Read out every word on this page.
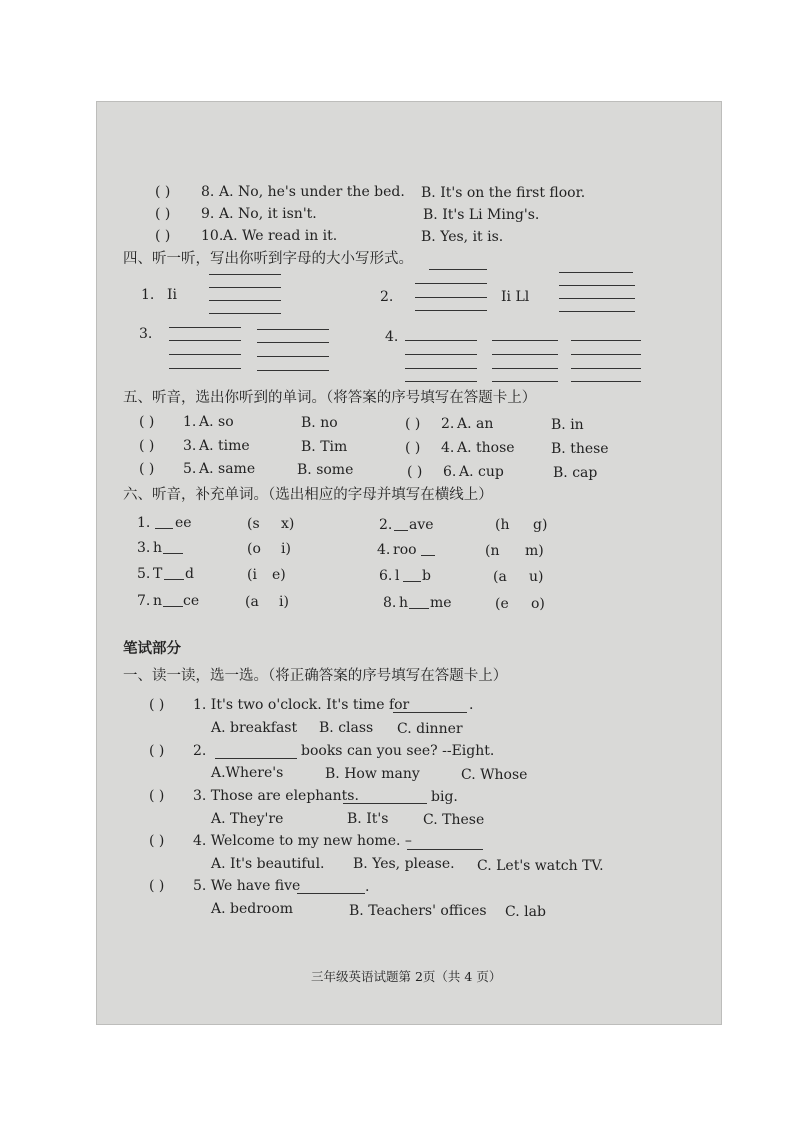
( ) 8. A. No, he's under the bed. B. It's on the first floor.
( ) 9. A. No, it isn't.	B. It's Li Ming's.
( ) 10. A. We read in it.	B. Yes, it is.
四、听一听，写出你听到字母的大小写形式。
1. Ii	2.	Ii Ll
3.	4.
五、听音，选出你听到的单词。（将答案的序号填写在答题卡上）
( ) 1. A. so	B. no	( ) 2. A. an	B. in
( ) 3. A. time	B. Tim	( ) 4. A. those	B. these
( ) 5. A. same	B. some	( ) 6. A. cup	B. cap
六、听音，补充单词。（选出相应的字母并填写在横线上）
1. ee	(s x)	2. ave	(h g)
3. h	(o i)	4. roo	(n m)
5. T d	(i e)	6. l b	(a u)
7. n ce	(a i)	8. h me	(e o)
笔试部分
一、读一读，选一选。（将正确答案的序号填写在答题卡上）
( ) 1. It's two o'clock. It's time for	.
A. breakfast B. class C. dinner
( ) 2.	books can you see? --Eight.
A.Where's	B. How many	C. Whose
( ) 3. Those are elephants.	big.
A. They're	B. It's C. These
( ) 4. Welcome to my new home. –
A. It's beautiful. B. Yes, please. C. Let's watch TV.
( ) 5. We have five	.
A. bedroom	B. Teachers' offices C. lab
三年级英语试题第 2页（共 4 页）
